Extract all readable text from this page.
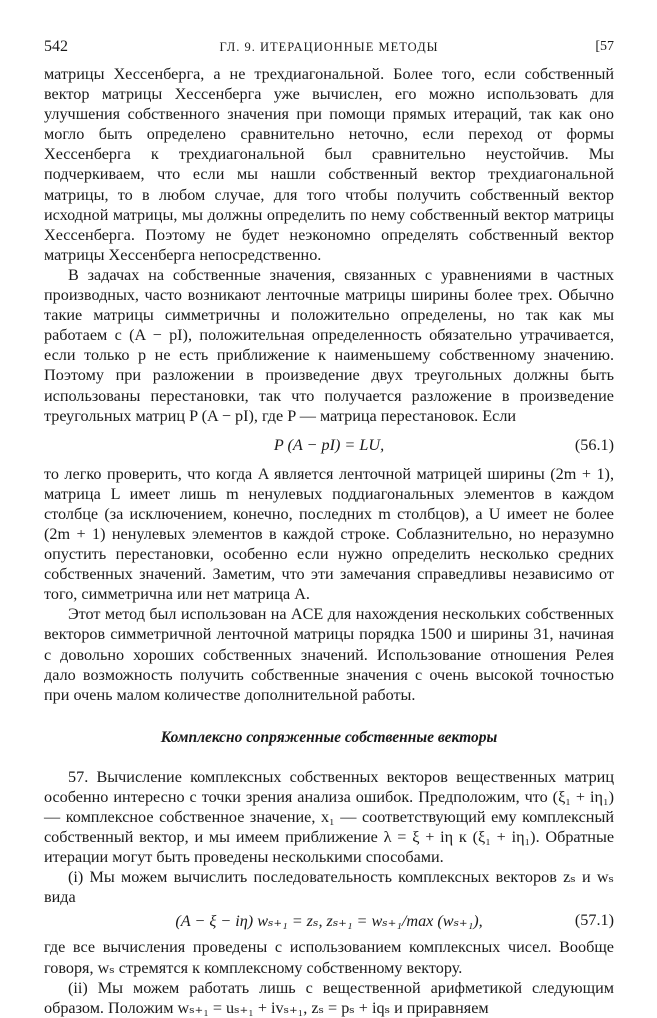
542	ГЛ. 9. ИТЕРАЦИОННЫЕ МЕТОДЫ	[57

матрицы Хессенберга, а не трехдиагональной. Более того, если собственный вектор матрицы Хессенберга уже вычислен, его можно использовать для улучшения собственного значения при помощи прямых итераций, так как оно могло быть определено сравнительно неточно, если переход от формы Хессенберга к трехдиагональной был сравнительно неустойчив. Мы подчеркиваем, что если мы нашли собственный вектор трехдиагональной матрицы, то в любом случае, для того чтобы получить собственный вектор исходной матрицы, мы должны определить по нему собственный вектор матрицы Хессенберга. Поэтому не будет неэкономно определять собственный вектор матрицы Хессенберга непосредственно.

В задачах на собственные значения, связанных с уравнениями в частных производных, часто возникают ленточные матрицы ширины более трех. Обычно такие матрицы симметричны и положительно определены, но так как мы работаем с (A − pI), положительная определенность обязательно утрачивается, если только p не есть приближение к наименьшему собственному значению. Поэтому при разложении в произведение двух треугольных должны быть использованы перестановки, так что получается разложение в произведение треугольных матриц P (A − pI), где P — матрица перестановок. Если

P (A − pI) = LU,	(56.1)

то легко проверить, что когда A является ленточной матрицей ширины (2m + 1), матрица L имеет лишь m ненулевых поддиагональных элементов в каждом столбце (за исключением, конечно, последних m столбцов), а U имеет не более (2m + 1) ненулевых элементов в каждой строке. Соблазнительно, но неразумно опустить перестановки, особенно если нужно определить несколько средних собственных значений. Заметим, что эти замечания справедливы независимо от того, симметрична или нет матрица A.

Этот метод был использован на ACE для нахождения нескольких собственных векторов симметричной ленточной матрицы порядка 1500 и ширины 31, начиная с довольно хороших собственных значений. Использование отношения Релея дало возможность получить собственные значения с очень высокой точностью при очень малом количестве дополнительной работы.

Комплексно сопряженные собственные векторы

57. Вычисление комплексных собственных векторов вещественных матриц особенно интересно с точки зрения анализа ошибок. Предположим, что (ξ₁ + iη₁) — комплексное собственное значение, x₁ — соответствующий ему комплексный собственный вектор, и мы имеем приближение λ = ξ + iη к (ξ₁ + iη₁). Обратные итерации могут быть проведены несколькими способами.

(i) Мы можем вычислить последовательность комплексных векторов zₛ и wₛ вида

(A − ξ − iη) wₛ₊₁ = zₛ, zₛ₊₁ = wₛ₊₁/max (wₛ₊₁),	(57.1)

где все вычисления проведены с использованием комплексных чисел. Вообще говоря, wₛ стремятся к комплексному собственному вектору.

(ii) Мы можем работать лишь с вещественной арифметикой следующим образом. Положим wₛ₊₁ = uₛ₊₁ + ivₛ₊₁, zₛ = pₛ + iqₛ и приравняем
